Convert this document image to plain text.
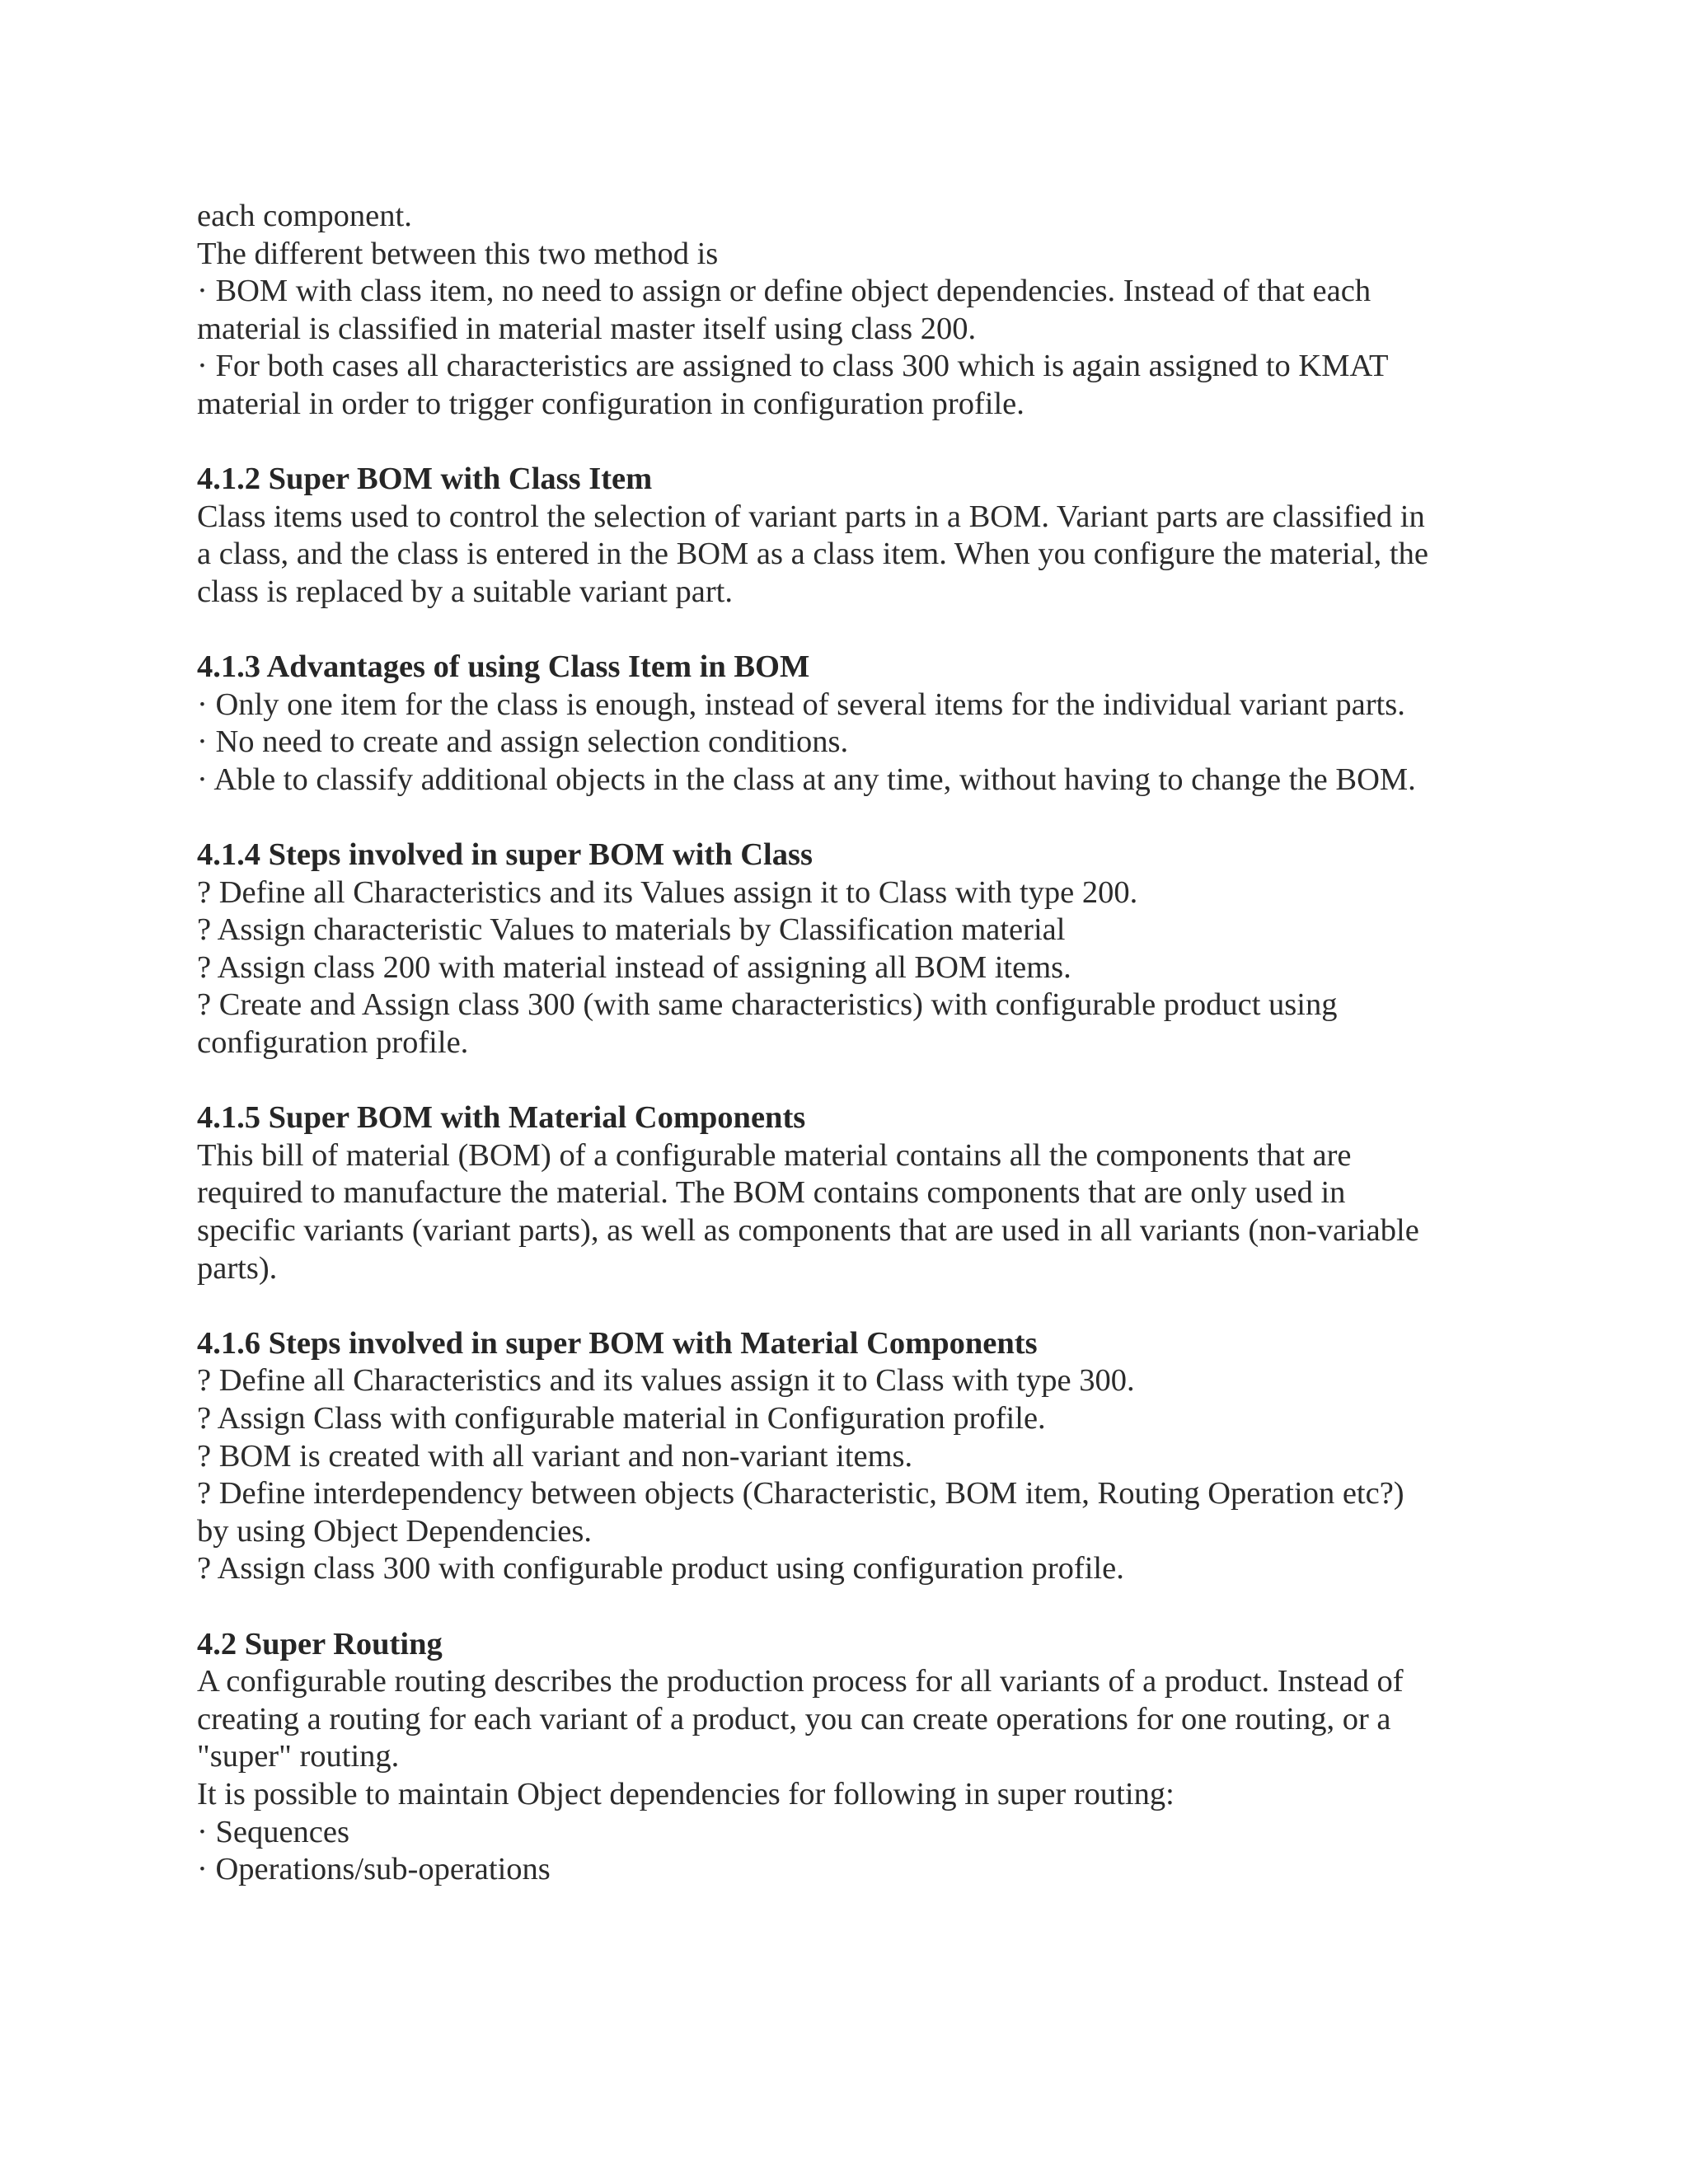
each component.
The different between this two method is
· BOM with class item, no need to assign or define object dependencies. Instead of that each
material is classified in material master itself using class 200.
· For both cases all characteristics are assigned to class 300 which is again assigned to KMAT
material in order to trigger configuration in configuration profile.
4.1.2 Super BOM with Class Item
Class items used to control the selection of variant parts in a BOM. Variant parts are classified in
a class, and the class is entered in the BOM as a class item. When you configure the material, the
class is replaced by a suitable variant part.
4.1.3 Advantages of using Class Item in BOM
· Only one item for the class is enough, instead of several items for the individual variant parts.
· No need to create and assign selection conditions.
· Able to classify additional objects in the class at any time, without having to change the BOM.
4.1.4 Steps involved in super BOM with Class
? Define all Characteristics and its Values assign it to Class with type 200.
? Assign characteristic Values to materials by Classification material
? Assign class 200 with material instead of assigning all BOM items.
? Create and Assign class 300 (with same characteristics) with configurable product using
configuration profile.
4.1.5 Super BOM with Material Components
This bill of material (BOM) of a configurable material contains all the components that are
required to manufacture the material. The BOM contains components that are only used in
specific variants (variant parts), as well as components that are used in all variants (non-variable
parts).
4.1.6 Steps involved in super BOM with Material Components
? Define all Characteristics and its values assign it to Class with type 300.
? Assign Class with configurable material in Configuration profile.
? BOM is created with all variant and non-variant items.
? Define interdependency between objects (Characteristic, BOM item, Routing Operation etc?)
by using Object Dependencies.
? Assign class 300 with configurable product using configuration profile.
4.2 Super Routing
A configurable routing describes the production process for all variants of a product. Instead of
creating a routing for each variant of a product, you can create operations for one routing, or a
"super" routing.
It is possible to maintain Object dependencies for following in super routing:
· Sequences
· Operations/sub-operations
